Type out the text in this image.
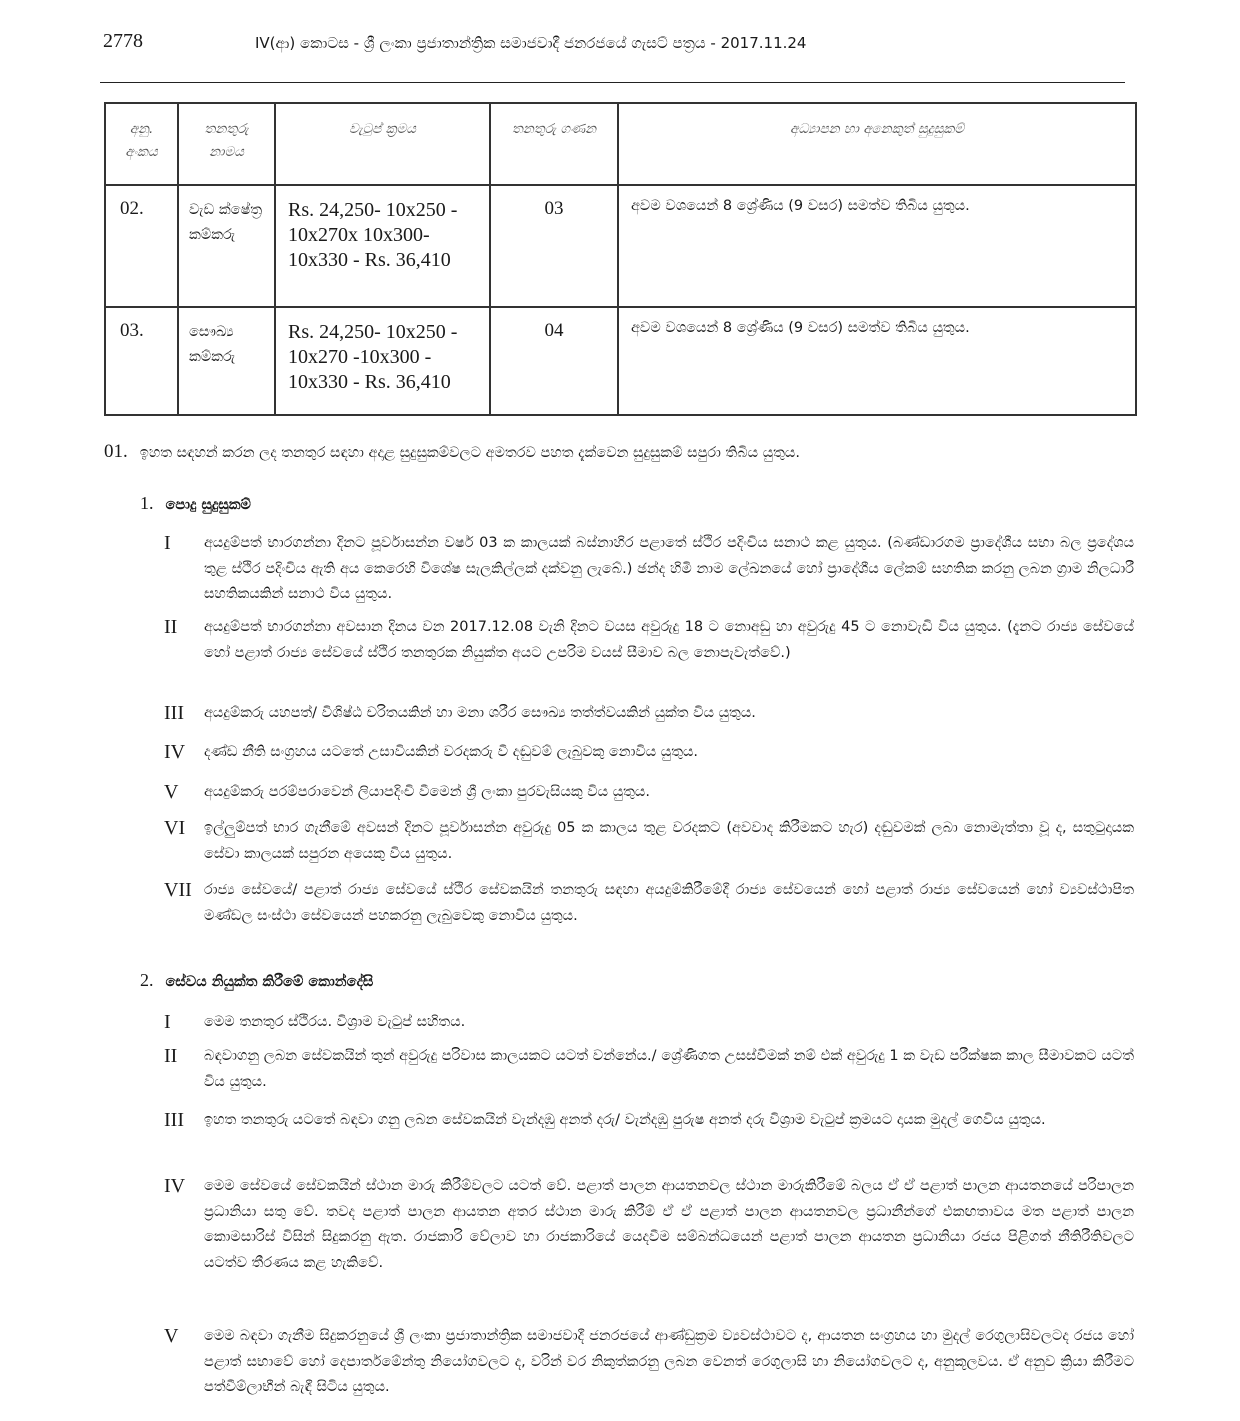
2778	IV(ආ) කොටස - ශ්‍රී ලංකා ප්‍රජාතාන්ත්‍රික සමාජවාදී ජනරජයේ ගැසට් පත්‍රය - 2017.11.24
අනු. අංකය	තනතුරු නාමය	වැටුප් ක්‍රමය	තනතුරු ගණන	අධ්‍යාපන හා අනෙකුත් සුදුසුකම්
02.	වැඩ ක්ෂේත්‍ර කම්කරු	Rs. 24,250- 10x250 - 10x270x 10x300- 10x330 - Rs. 36,410	03	අවම වශයෙන් 8 ශ්‍රේණිය (9 වසර) සමත්ව තිබිය යුතුය.
03.	සෞඛ්‍ය කම්කරු	Rs. 24,250- 10x250 - 10x270 -10x300 - 10x330 - Rs. 36,410	04	අවම වශයෙන් 8 ශ්‍රේණිය (9 වසර) සමත්ව තිබිය යුතුය.
01. ඉහත සඳහන් කරන ලද තනතුර සඳහා අදාළ සුදුසුකම්වලට අමතරව පහත දැක්වෙන සුදුසුකම් සපුරා තිබිය යුතුය.
1. පොදු සුදුසුකම්
I	අයදුම්පත් භාරගන්නා දිනට පූර්වාසන්න වර්ෂ 03 ක කාලයක් බස්නාහිර පළාතේ ස්ථිර පදිංචිය සනාථ කළ යුතුය. (බණ්ඩාරගම ප්‍රාදේශීය සභා බල ප්‍රදේශය තුළ ස්ථිර පදිංචිය ඇති අය කෙරෙහි විශේෂ සැලකිල්ලක් දක්වනු ලැබේ.) ඡන්ද හිමි නාම ලේඛනයේ හෝ ප්‍රාදේශීය ලේකම් සහතික කරනු ලබන ග්‍රාම නිලධාරී සහතිකයකින් සනාථ විය යුතුය.
II	අයදුම්පත් භාරගන්නා අවසාන දිනය වන 2017.12.08 වැනි දිනට වයස අවුරුදු 18 ට නොඅඩු හා අවුරුදු 45 ට නොවැඩි විය යුතුය. (දැනට රාජ්‍ය සේවයේ හෝ පළාත් රාජ්‍ය සේවයේ ස්ථිර තනතුරක නියුක්ත අයට උපරිම වයස් සීමාව බල නොපැවැත්වේ.)
III	අයදුම්කරු යහපත්/ විශිෂ්ඨ චරිතයකින් හා මනා ශරීර සෞඛ්‍ය තත්ත්වයකින් යුක්ත විය යුතුය.
IV	දණ්ඩ නීති සංග්‍රහය යටතේ උසාවියකින් වරදකරු වී දඬුවම් ලැබුවකු නොවිය යුතුය.
V	අයදුම්කරු පරම්පරාවෙන් ලියාපදිංචි වීමෙන් ශ්‍රී ලංකා පුරවැසියකු විය යුතුය.
VI	ඉල්ලුම්පත් භාර ගැනීමේ අවසන් දිනට පූර්වාසන්න අවුරුදු 05 ක කාලය තුළ වරදකට (අවවාද කිරීමකට හැර) දඬුවමක් ලබා නොමැත්තා වූ ද, සතුටුදායක සේවා කාලයක් සපුරන අයෙකු විය යුතුය.
VII රාජ්‍ය සේවයේ/ පළාත් රාජ්‍ය සේවයේ ස්ථිර සේවකයින් තනතුරු සඳහා අයදුම්කිරීමේදී රාජ්‍ය සේවයෙන් හෝ පළාත් රාජ්‍ය සේවයෙන් හෝ ව්‍යවස්ථාපිත මණ්ඩල සංස්ථා සේවයෙන් පහකරනු ලැබුවෙකු නොවිය යුතුය.
2. සේවය නියුක්ත කිරීමේ කොන්දේසි
I	මෙම තනතුර ස්ථිරය. විශ්‍රාම වැටුප් සහිතය.
II	බඳවාගනු ලබන සේවකයින් තුන් අවුරුදු පරිවාස කාලයකට යටත් වන්නේය./ ශ්‍රේණිගත උසස්වීමක් නම් එක් අවුරුදු 1 ක වැඩ පරීක්ෂක කාල සීමාවකට යටත් විය යුතුය.
III	ඉහත තනතුරු යටතේ බඳවා ගනු ලබන සේවකයින් වැන්දඹු අනත් දරු/ වැන්දඹු පුරුෂ අනත් දරු විශ්‍රාම වැටුප් ක්‍රමයට දායක මුදල් ගෙවිය යුතුය.
IV	මෙම සේවයේ සේවකයින් ස්ථාන මාරු කිරීම්වලට යටත් වේ. පළාත් පාලන ආයතනවල ස්ථාන මාරුකිරීමේ බලය ඒ ඒ පළාත් පාලන ආයතනයේ පරිපාලන ප්‍රධානියා සතු වේ. තවද පළාත් පාලන ආයතන අතර ස්ථාන මාරු කිරීම් ඒ ඒ පළාත් පාලන ආයතනවල ප්‍රධානීන්ගේ එකඟතාවය මත පළාත් පාලන කොමසාරිස් විසින් සිදුකරනු ඇත. රාජකාරි වේලාව හා රාජකාරියේ යෙදවීම සම්බන්ධයෙන් පළාත් පාලන ආයතන ප්‍රධානියා රජය පිළිගත් නීතිරීතිවලට යටත්ව තීරණය කළ හැකිවේ.
V	මෙම බඳවා ගැනීම සිදුකරනුයේ ශ්‍රී ලංකා ප්‍රජාතාන්ත්‍රික සමාජවාදී ජනරජයේ ආණ්ඩුක්‍රම ව්‍යවස්ථාවට ද, ආයතන සංග්‍රහය හා මුදල් රෙගුලාසිවලටද රජය හෝ පළාත් සභාවේ හෝ දෙපාර්තමේන්තු නියෝගවලට ද, වරින් වර නිකුත්කරනු ලබන වෙනත් රෙගුලාසි හා නියෝගවලට ද, අනුකූලවය. ඒ අනුව ක්‍රියා කිරීමට පත්වීම්ලාභීන් බැඳී සිටිය යුතුය.
